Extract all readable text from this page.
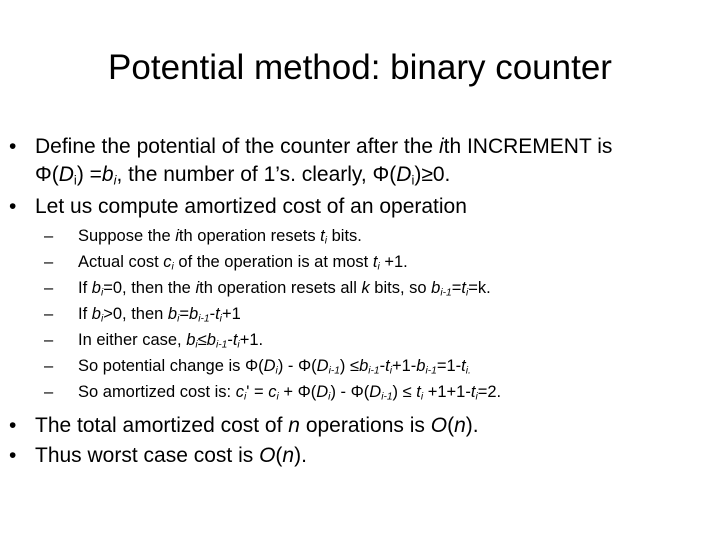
Potential method: binary counter
• Define the potential of the counter after the ith INCREMENT is
$\Phi(D_i) =b_i$, the number of 1’s. clearly, $\Phi(D_i)\ge 0$.
• Let us compute amortized cost of an operation
–	Suppose the ith operation resets $t_i$ bits.
–	Actual cost $c_i$ of the operation is at most $t_i +1$.
–	If $b_i=0$, then the ith operation resets all k bits, so $b_{i-1}=t_i=k$.
–	If $b_i>0$, then $b_i=b_{i-1}-t_i+1$
–	In either case, $b_i\le b_{i-1}-t_i+1$.
–	So potential change is $\Phi(D_i) - \Phi(D_{i-1}) \le b_{i-1}-t_i+1-b_{i-1}=1-t_{i.}$
–	So amortized cost is: $c_i' = c_i + \Phi(D_i) - \Phi(D_{i-1}) \le t_i +1+1-t_i=2$.
• The total amortized cost of n operations is O(n).
• Thus worst case cost is O(n).
